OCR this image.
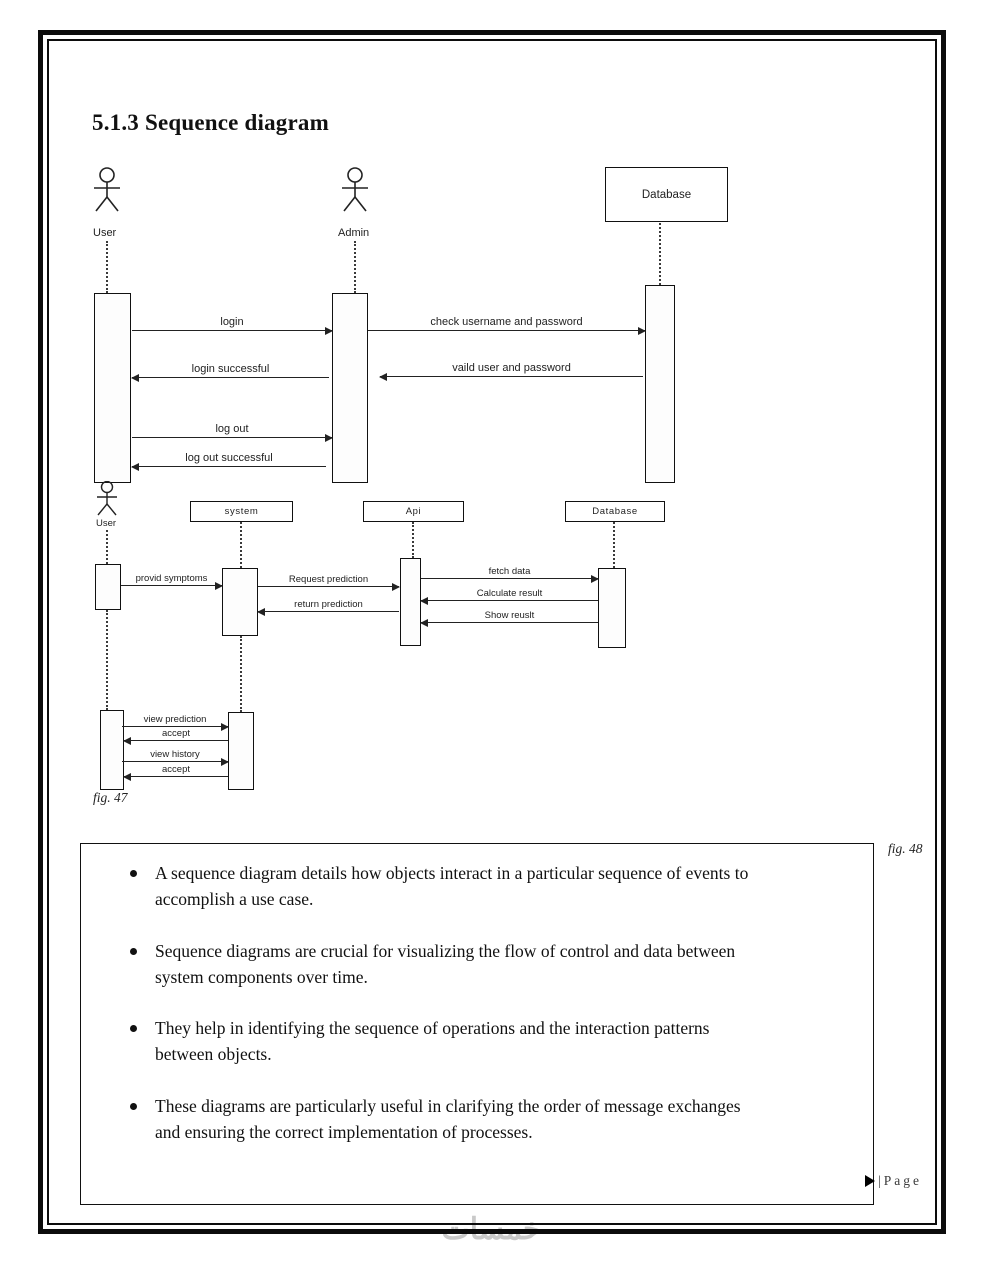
5.1.3 Sequence diagram
User	Admin
Database
login	check username and password
login successful	vaild user and password
log out
log out successful
User
system	Api	Database
provid symptoms	Request prediction
fetch data
Calculate result
return prediction
Show reuslt
view prediction
accept
view history
accept
fig. 47
fig. 48
A sequence diagram details how objects interact in a particular sequence of events to accomplish a use case.
Sequence diagrams are crucial for visualizing the flow of control and data between system components over time.
They help in identifying the sequence of operations and the interaction patterns between objects.
These diagrams are particularly useful in clarifying the order of message exchanges and ensuring the correct implementation of processes.
|Page
خمسات
